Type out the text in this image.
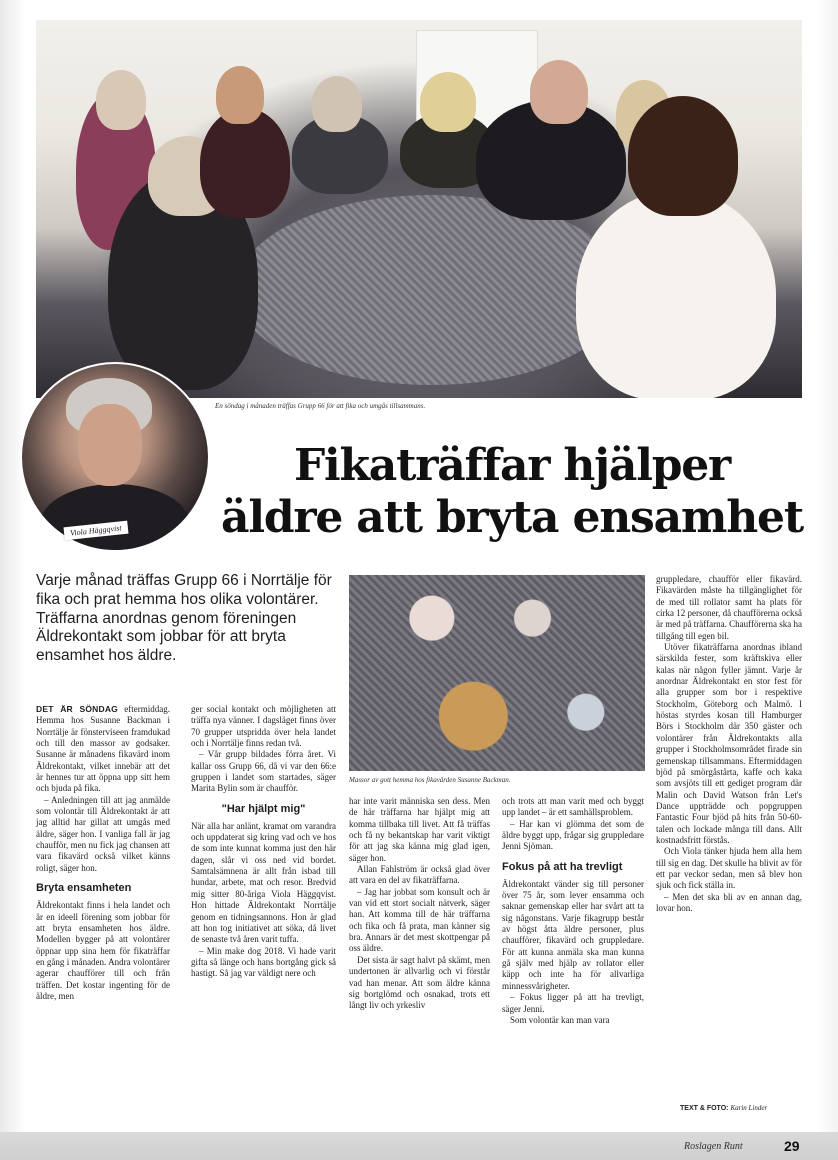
En söndag i månaden träffas Grupp 66 för att fika och umgås tillsammans.
Viola Häggqvist
Fikaträffar hjälper
äldre att bryta ensamhet

Varje månad träffas Grupp 66 i Norrtälje för fika och prat hemma hos olika volontärer. Träffarna anordnas genom föreningen Äldrekontakt som jobbar för att bryta ensamhet hos äldre.

Massor av gott hemma hos fikavärden Susanne Backman.

DET ÄR SÖNDAG eftermiddag. Hemma hos Susanne Backman i Norrtälje är fönsterviseen framdukad och till den massor av godsaker. Susanne är månadens fikavärd inom Äldrekontakt, vilket innebär att det är hennes tur att öppna upp sitt hem och bjuda på fika.

– Anledningen till att jag anmälde som volontär till Äldrekontakt är att jag alltid har gillat att umgås med äldre, säger hon. I vanliga fall är jag chaufför, men nu fick jag chansen att vara fikavärd också vilket känns roligt, säger hon.

Bryta ensamheten

Äldrekontakt finns i hela landet och är en ideell förening som jobbar för att bryta ensamheten hos äldre. Modellen bygger på att volontärer öppnar upp sina hem för fikaträffar en gång i månaden. Andra volontärer agerar chaufförer till och från träffen. Det kostar ingenting för de äldre, men

ger social kontakt och möjligheten att träffa nya vänner. I dagsläget finns över 70 grupper utspridda över hela landet och i Norrtälje finns redan två.

– Vår grupp bildades förra året. Vi kallar oss Grupp 66, då vi var den 66:e gruppen i landet som startades, säger Marita Bylin som är chaufför.

"Har hjälpt mig"

När alla har anlänt, kramat om varandra och uppdaterat sig kring vad och ve hos de som inte kunnat komma just den här dagen, slår vi oss ned vid bordet. Samtalsämnena är allt från isbad till hundar, arbete, mat och resor. Bredvid mig sitter 80-åriga Viola Häggqvist. Hon hittade Äldrekontakt Norrtälje genom en tidningsannons. Hon är glad att hon tog initiativet att söka, då livet de senaste två åren varit tuffa.

– Min make dog 2018. Vi hade varit gifta så länge och hans bortgång gick så hastigt. Så jag var väldigt nere och

har inte varit människa sen dess. Men de här träffarna har hjälpt mig att komma tillbaka till livet. Att få träffas och få ny bekantskap har varit viktigt för att jag ska känna mig glad igen, säger hon.

Allan Fahlström är också glad över att vara en del av fikaträffarna.

– Jag har jobbat som konsult och är van vid ett stort socialt nätverk, säger han. Att komma till de här träffarna och fika och få prata, man känner sig bra. Annars är det mest skottpengar på oss äldre.

Det sista är sagt halvt på skämt, men undertonen är allvarlig och vi förstår vad han menar. Att som äldre känna sig bortglömd och osnakad, trots ett långt liv och yrkesliv

och trots att man varit med och byggt upp landet – är ett samhällsproblem.

– Har kan vi glömma det som de äldre byggt upp, frågar sig gruppledare Jenni Sjöman.

Fokus på att ha trevligt

Äldrekontakt vänder sig till personer över 75 år, som lever ensamma och saknar gemenskap eller har svårt att ta sig någonstans. Varje fikagrupp består av högst åtta äldre personer, plus chaufförer, fikavärd och gruppledare. För att kunna anmäla ska man kunna gå själv med hjälp av rollator eller käpp och inte ha för allvarliga minnessvårigheter.

– Fokus ligger på att ha trevligt, säger Jenni.

Som volontär kan man vara

gruppledare, chaufför eller fikavärd. Fikavärden måste ha tillgänglighet för de med till rollator samt ha plats för cirka 12 personer, då chaufförerna också är med på träffarna. Chaufförerna ska ha tillgång till egen bil.

Utöver fikaträffarna anordnas ibland särskilda fester, som kräftskiva eller kalas när någon fyller jämnt. Varje år anordnar Äldrekontakt en stor fest för alla grupper som bor i respektive Stockholm, Göteborg och Malmö. I höstas styrdes kosan till Hamburger Börs i Stockholm där 350 gäster och volontärer från Äldrekontakts alla grupper i Stockholmsområdet firade sin gemenskap tillsammans. Eftermiddagen bjöd på smörgåstårta, kaffe och kaka som avsjöts till ett gediget program där Malin och David Watson från Let's Dance uppträdde och popgruppen Fantastic Four bjöd på hits från 50-60-talen och lockade många till dans. Allt kostnadsfritt förstås.

Och Viola tänker hjuda hem alla hem till sig en dag. Det skulle ha blivit av för ett par veckor sedan, men så blev hon sjuk och fick ställa in.

– Men det ska bli av en annan dag, lovar hon.

TEXT & FOTO: Karin Linder
Roslagen Runt	29
